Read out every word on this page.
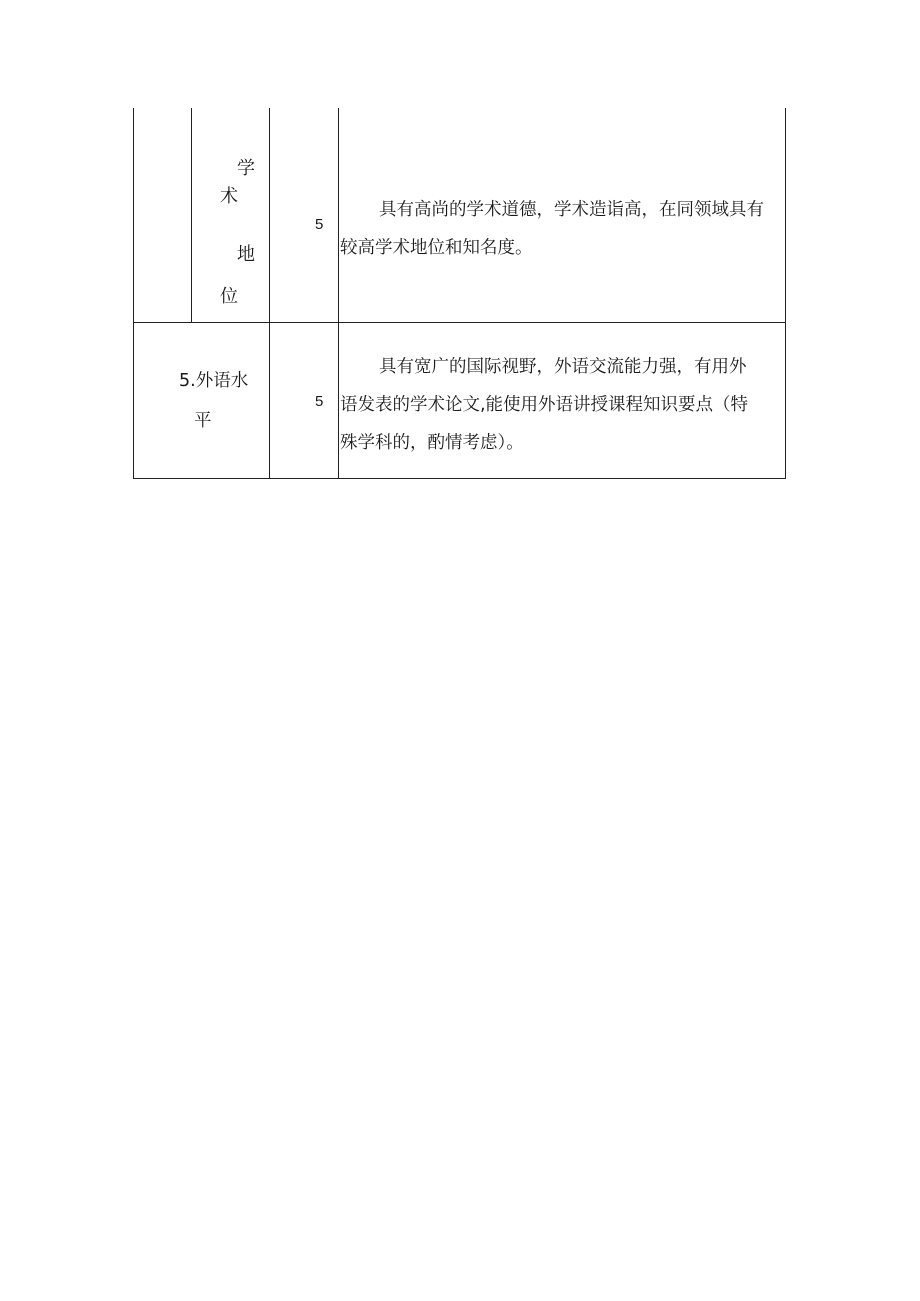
学
术
地
位
5
具有高尚的学术道德，学术造诣高，在同领域具有
较高学术地位和知名度。
5.外语水
平
5
具有宽广的国际视野，外语交流能力强，有用外
语发表的学术论文,能使用外语讲授课程知识要点（特
殊学科的，酌情考虑）。
